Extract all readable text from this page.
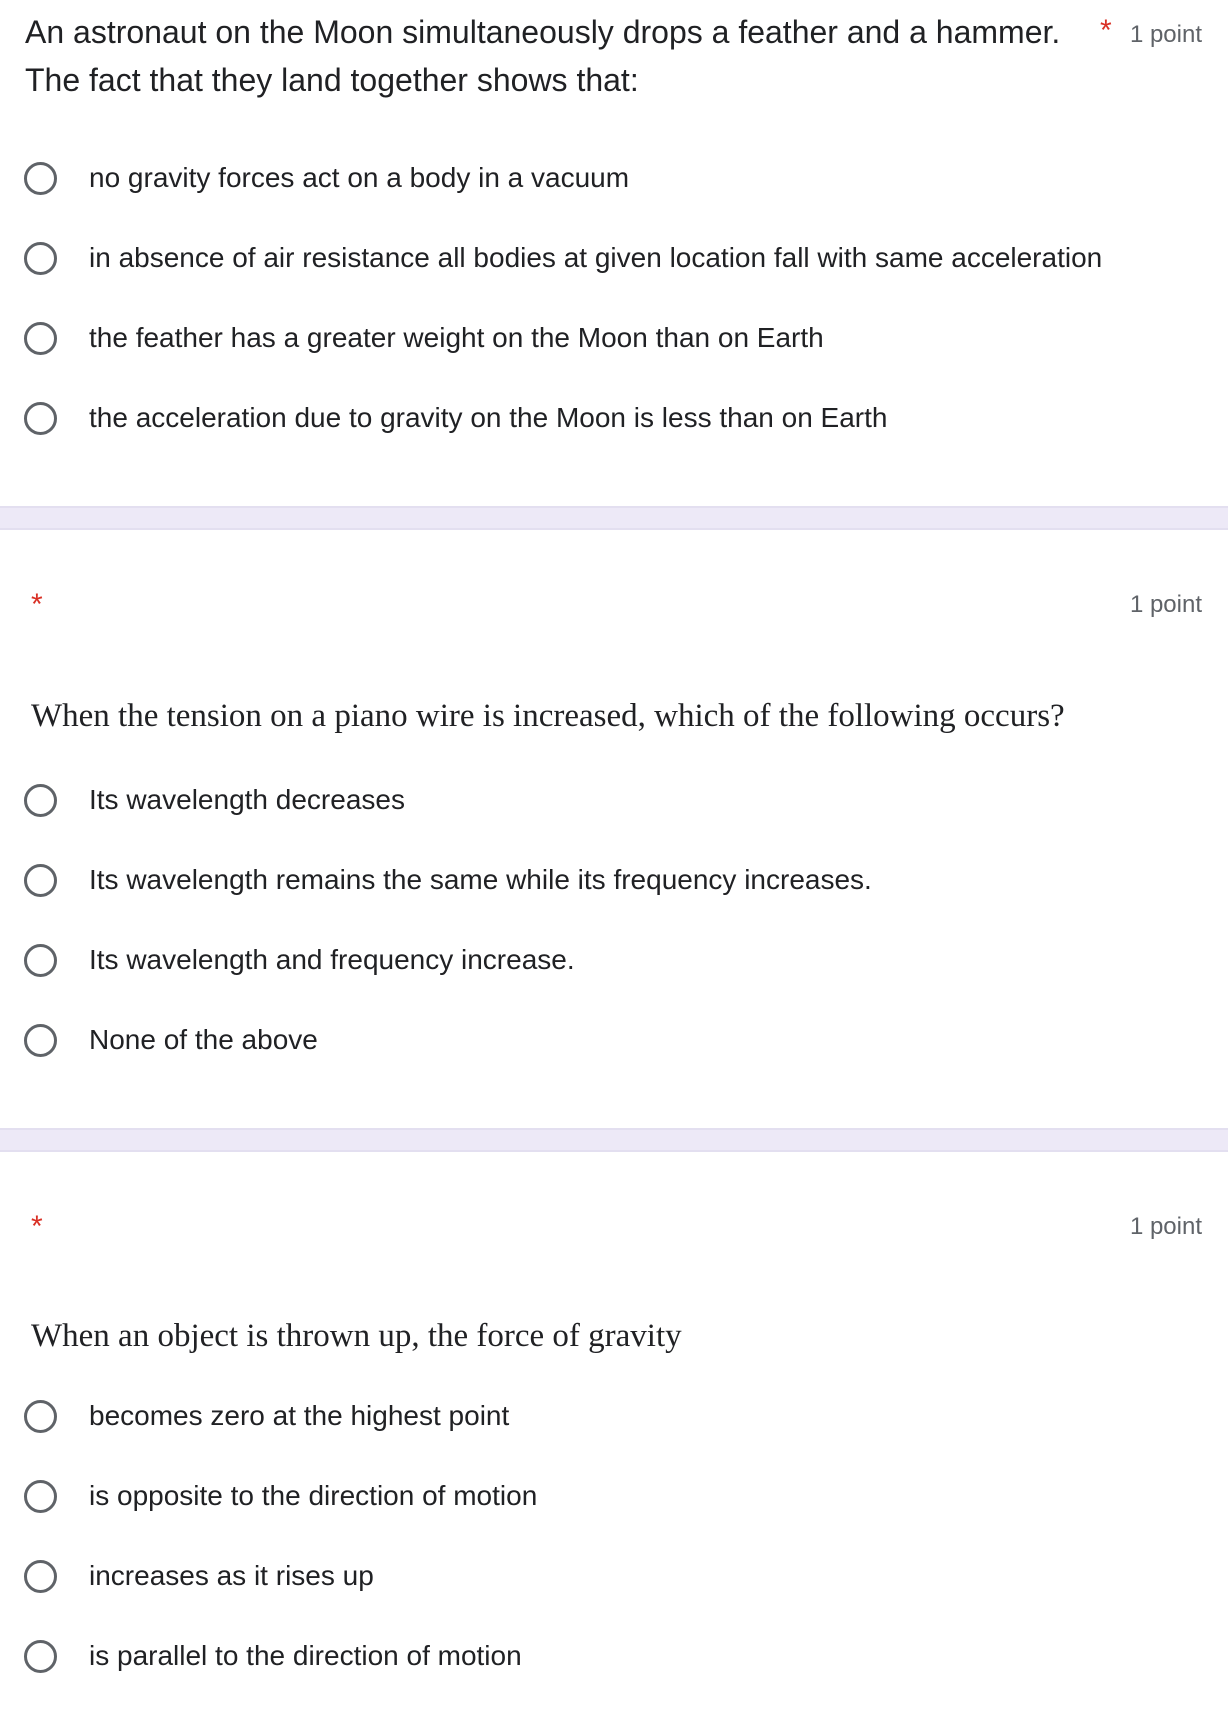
An astronaut on the Moon simultaneously drops a feather and a hammer.
The fact that they land together shows that:
* 1 point
no gravity forces act on a body in a vacuum
in absence of air resistance all bodies at given location fall with same acceleration
the feather has a greater weight on the Moon than on Earth
the acceleration due to gravity on the Moon is less than on Earth
*	1 point
When the tension on a piano wire is increased, which of the following occurs?
Its wavelength decreases
Its wavelength remains the same while its frequency increases.
Its wavelength and frequency increase.
None of the above
*	1 point
When an object is thrown up, the force of gravity
becomes zero at the highest point
is opposite to the direction of motion
increases as it rises up
is parallel to the direction of motion
